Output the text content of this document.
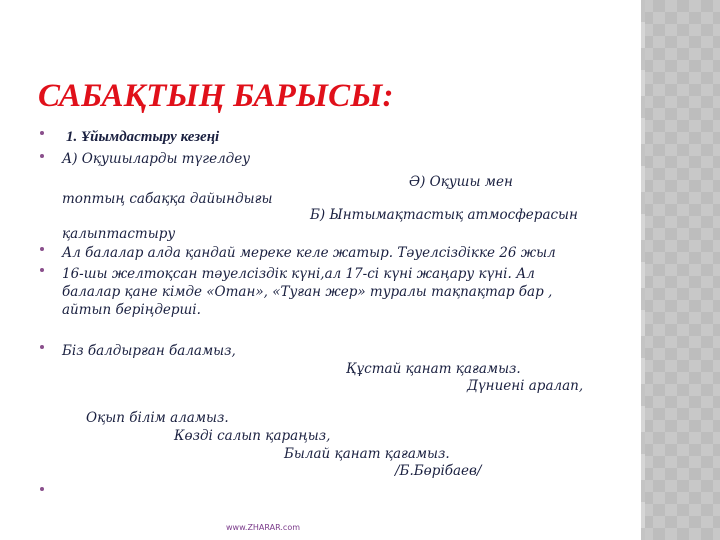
САБАҚТЫҢ БАРЫСЫ:
1. Ұйымдастыру кезеңі
А) Оқушыларды түгелдеу
Ә) Оқушы мен
топтың сабаққа дайындығы
Б) Ынтымақтастық атмосферасын
қалыптастыру
Ал балалар алда қандай мереке келе жатыр. Тәуелсіздікке 26 жыл
16-шы желтоқсан тәуелсіздік күні,ал 17-сі күні жаңару күні. Ал
балалар қане кімде «Отан», «Туған жер» туралы тақпақтар бар ,
айтып беріңдерші.
Біз балдырған баламыз,
Құстай қанат қағамыз.
Дүниені аралап,
Оқып білім аламыз.
Көзді салып қараңыз,
Былай қанат қағамыз.
/Б.Бөрібаев/
www.ZHARAR.com
